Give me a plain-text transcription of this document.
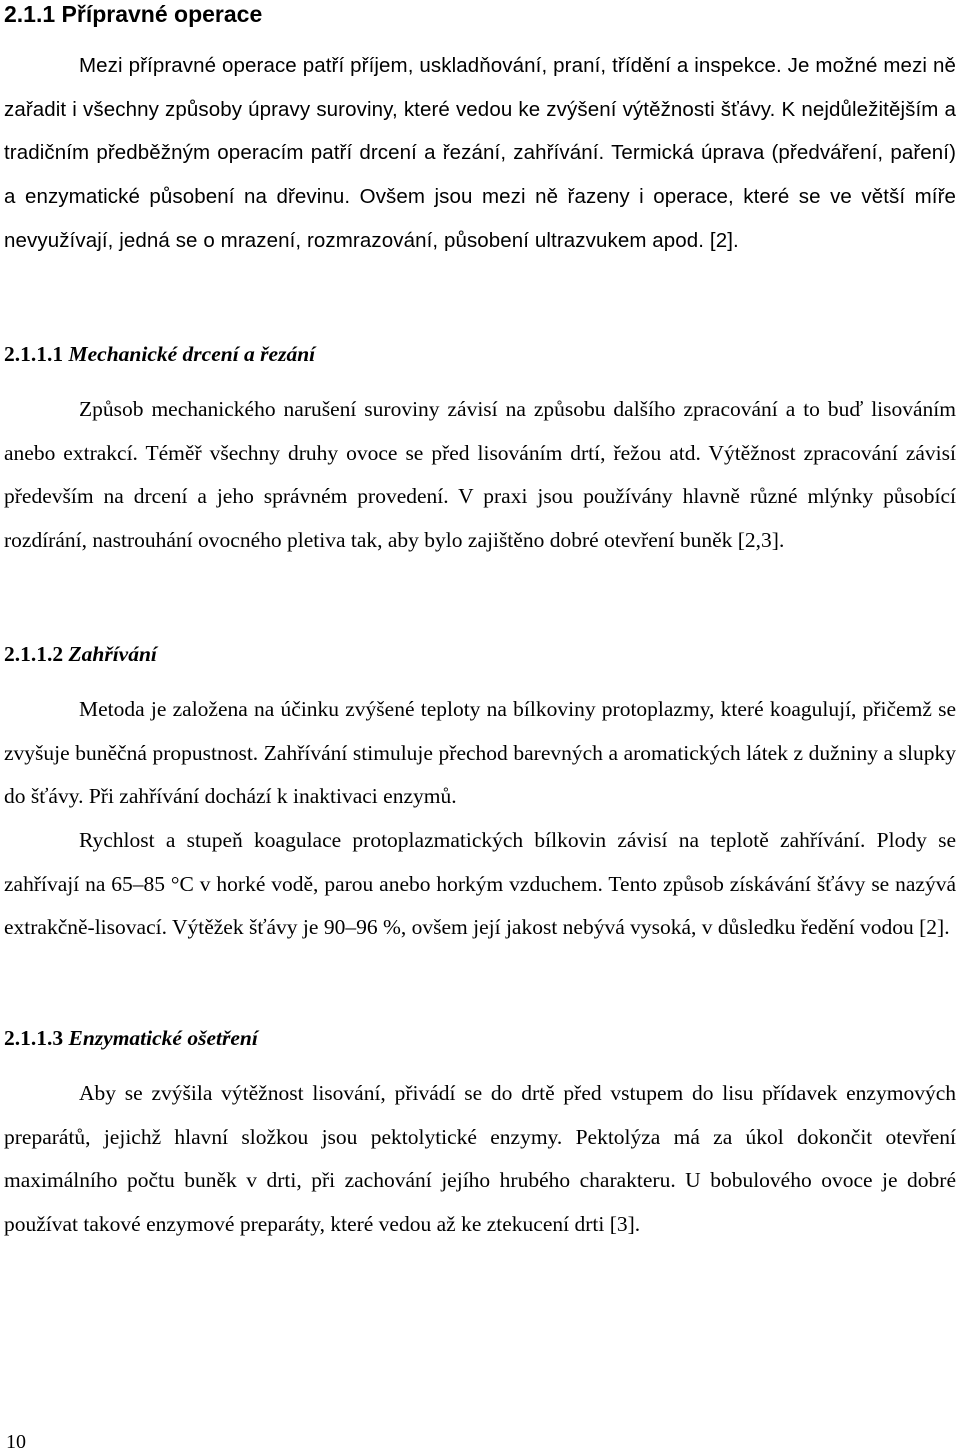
2.1.1 Přípravné operace

Mezi přípravné operace patří příjem, uskladňování, praní, třídění a inspekce. Je možné mezi ně zařadit i všechny způsoby úpravy suroviny, které vedou ke zvýšení výtěžnosti šťávy. K nejdůležitějším a tradičním předběžným operacím patří drcení a řezání, zahřívání. Termická úprava (předváření, paření) a enzymatické působení na dřevinu. Ovšem jsou mezi ně řazeny i operace, které se ve větší míře nevyužívají, jedná se o mrazení, rozmrazování, působení ultrazvukem apod. [2].

2.1.1.1 Mechanické drcení a řezání

Způsob mechanického narušení suroviny závisí na způsobu dalšího zpracování a to buď lisováním anebo extrakcí. Téměř všechny druhy ovoce se před lisováním drtí, řežou atd. Výtěžnost zpracování závisí především na drcení a jeho správném provedení. V praxi jsou používány hlavně různé mlýnky působící rozdírání, nastrouhání ovocného pletiva tak, aby bylo zajištěno dobré otevření buněk [2,3].

2.1.1.2 Zahřívání

Metoda je založena na účinku zvýšené teploty na bílkoviny protoplazmy, které koagulují, přičemž se zvyšuje buněčná propustnost. Zahřívání stimuluje přechod barevných a aromatických látek z dužniny a slupky do šťávy. Při zahřívání dochází k inaktivaci enzymů.

Rychlost a stupeň koagulace protoplazmatických bílkovin závisí na teplotě zahřívání. Plody se zahřívají na 65–85 °C v horké vodě, parou anebo horkým vzduchem. Tento způsob získávání šťávy se nazývá extrakčně-lisovací. Výtěžek šťávy je 90–96 %, ovšem její jakost nebývá vysoká, v důsledku ředění vodou [2].

2.1.1.3 Enzymatické ošetření

Aby se zvýšila výtěžnost lisování, přivádí se do drtě před vstupem do lisu přídavek enzymových preparátů, jejichž hlavní složkou jsou pektolytické enzymy. Pektolýza má za úkol dokončit otevření maximálního počtu buněk v drti, při zachování jejího hrubého charakteru. U bobulového ovoce je dobré používat takové enzymové preparáty, které vedou až ke ztekucení drti [3].

10
